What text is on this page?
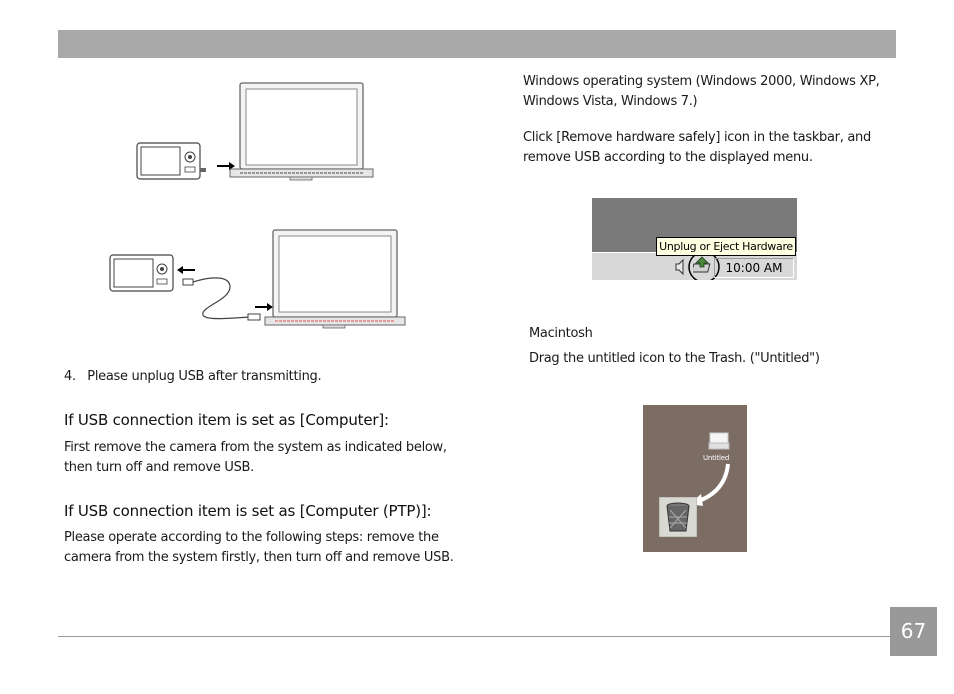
4.   Please unplug USB after transmitting.
If USB connection item is set as [Computer]:
First remove the camera from the system as indicated below, then turn off and remove USB.
If USB connection item is set as [Computer (PTP)]:
Please operate according to the following steps: remove the camera from the system firstly, then turn off and remove USB.
Windows operating system (Windows 2000, Windows XP, Windows Vista, Windows 7.)
Click [Remove hardware safely] icon in the taskbar, and remove USB according to the displayed menu.
Unplug or Eject Hardware
10:00 AM
Macintosh
Drag the untitled icon to the Trash. ("Untitled")
Untitled
67
